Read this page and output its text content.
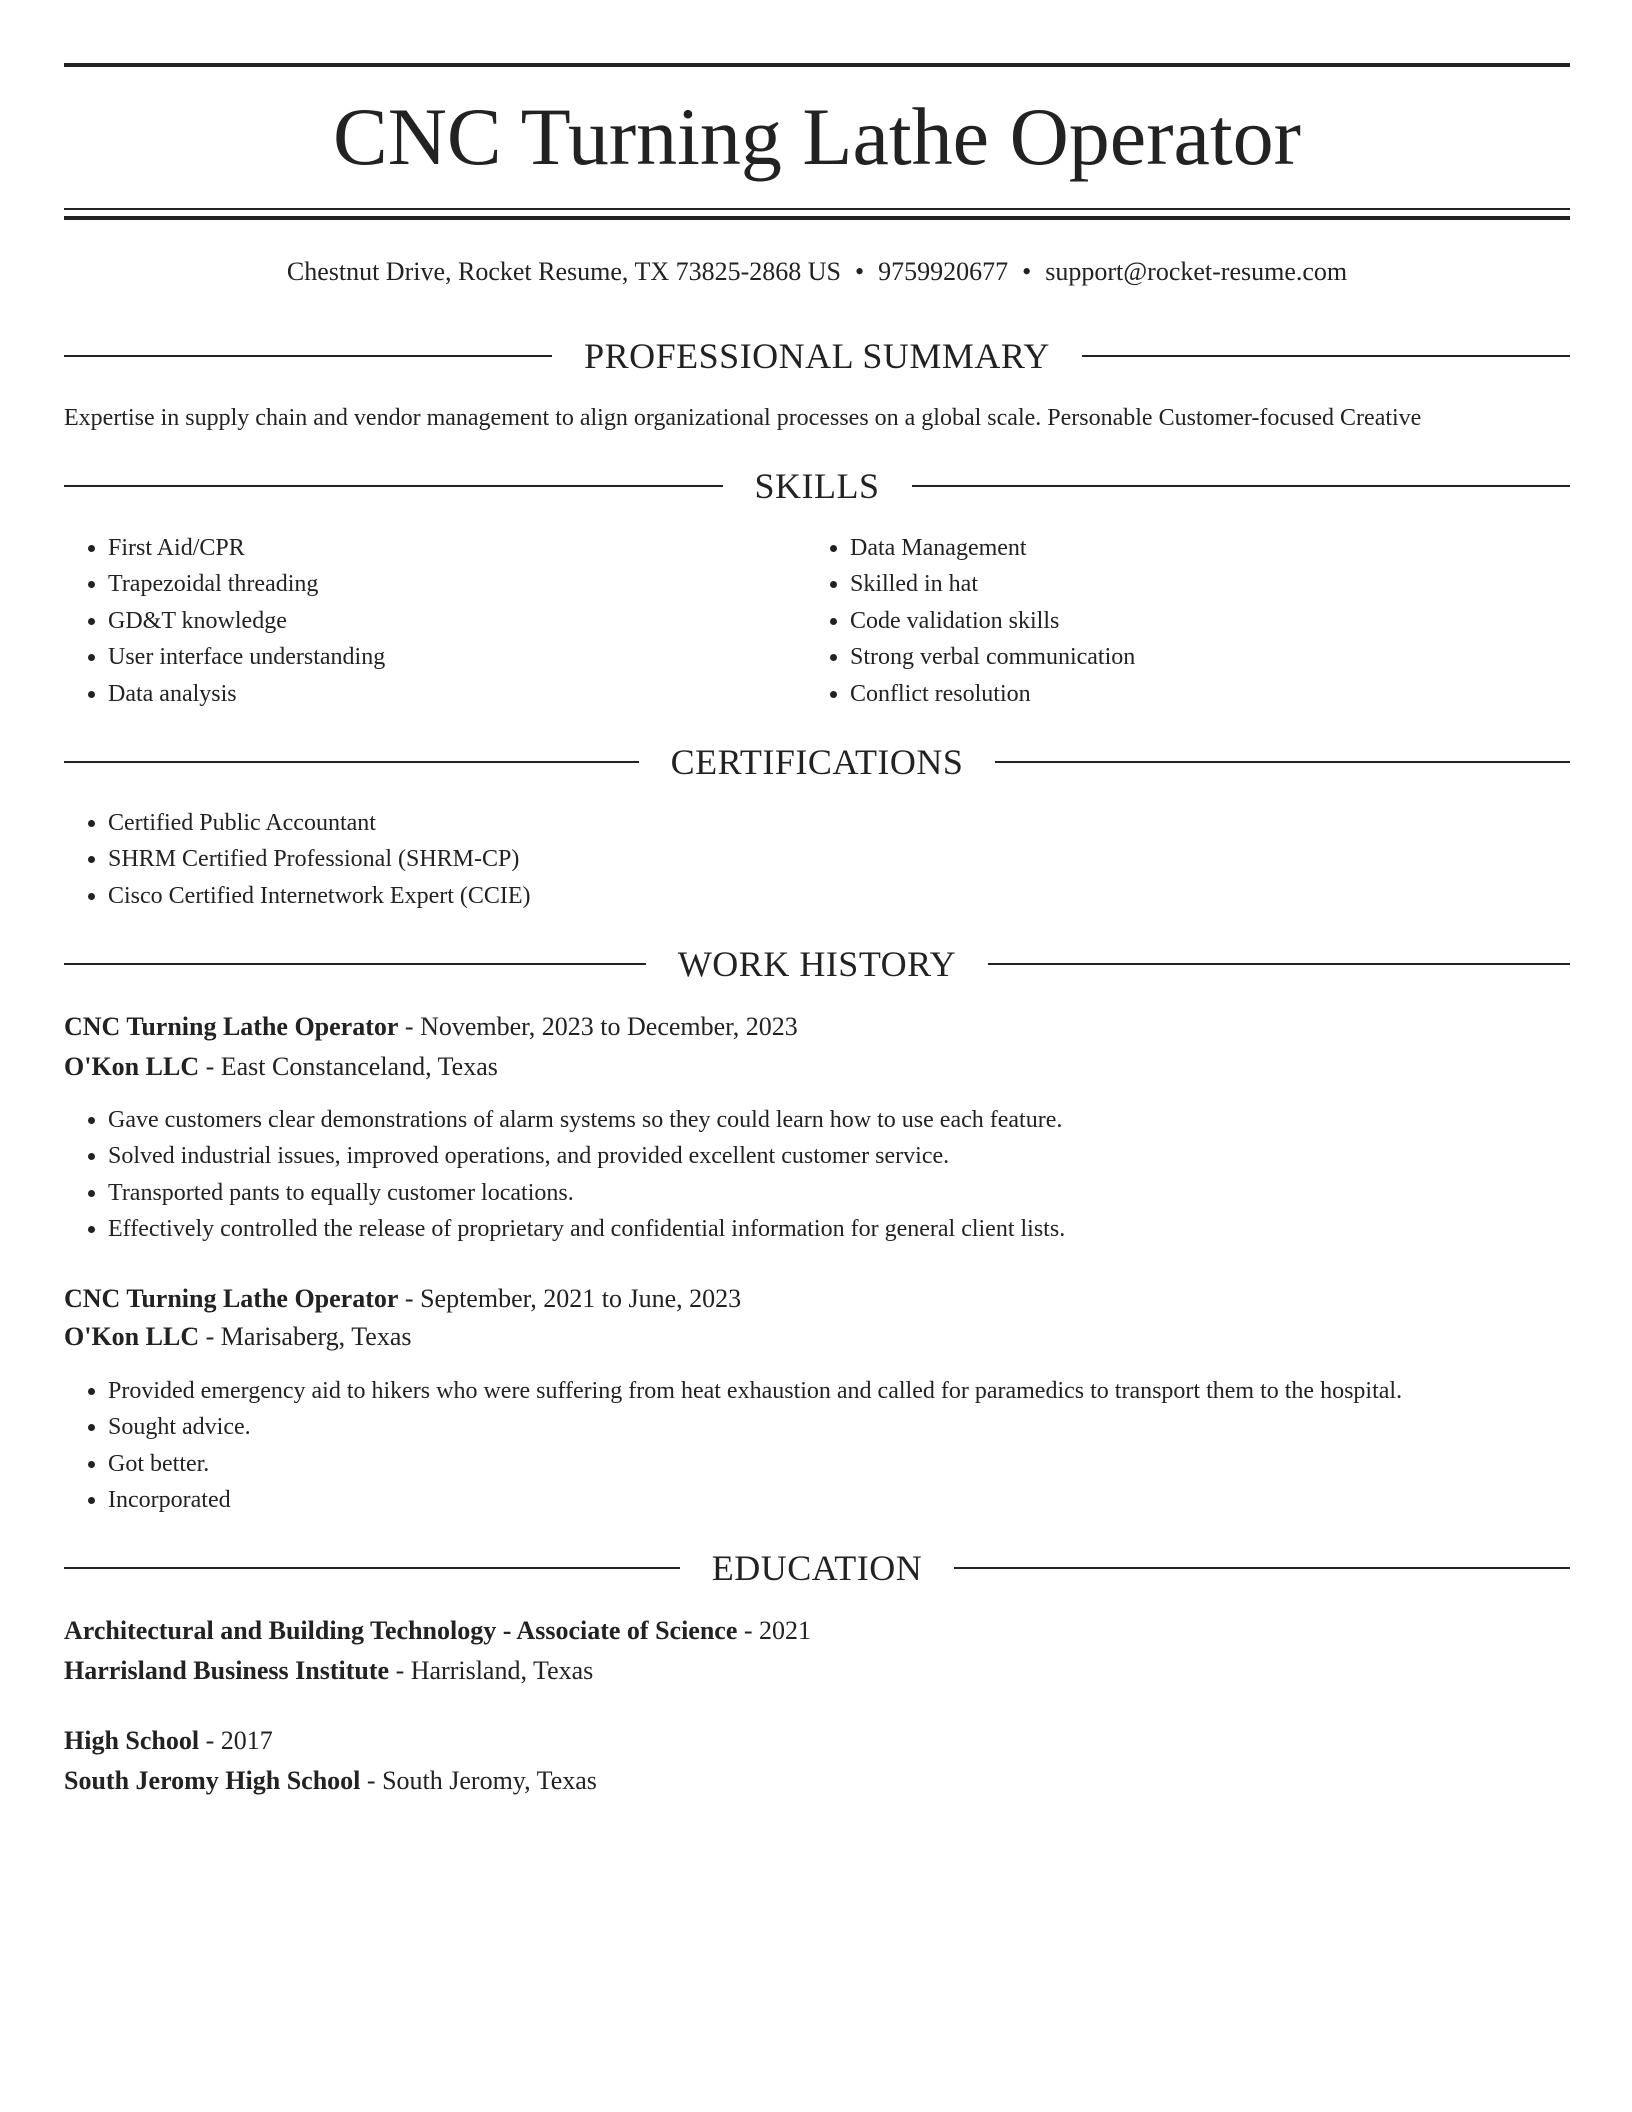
CNC Turning Lathe Operator
Chestnut Drive, Rocket Resume, TX 73825-2868 US • 9759920677 • support@rocket-resume.com
PROFESSIONAL SUMMARY
Expertise in supply chain and vendor management to align organizational processes on a global scale. Personable Customer-focused Creative
SKILLS
• First Aid/CPR
• Trapezoidal threading
• GD&T knowledge
• User interface understanding
• Data analysis
• Data Management
• Skilled in hat
• Code validation skills
• Strong verbal communication
• Conflict resolution
CERTIFICATIONS
• Certified Public Accountant
• SHRM Certified Professional (SHRM-CP)
• Cisco Certified Internetwork Expert (CCIE)
WORK HISTORY
CNC Turning Lathe Operator - November, 2023 to December, 2023
O'Kon LLC - East Constanceland, Texas
• Gave customers clear demonstrations of alarm systems so they could learn how to use each feature.
• Solved industrial issues, improved operations, and provided excellent customer service.
• Transported pants to equally customer locations.
• Effectively controlled the release of proprietary and confidential information for general client lists.
CNC Turning Lathe Operator - September, 2021 to June, 2023
O'Kon LLC - Marisaberg, Texas
• Provided emergency aid to hikers who were suffering from heat exhaustion and called for paramedics to transport them to the hospital.
• Sought advice.
• Got better.
• Incorporated
EDUCATION
Architectural and Building Technology - Associate of Science - 2021
Harrisland Business Institute - Harrisland, Texas
High School - 2017
South Jeromy High School - South Jeromy, Texas
